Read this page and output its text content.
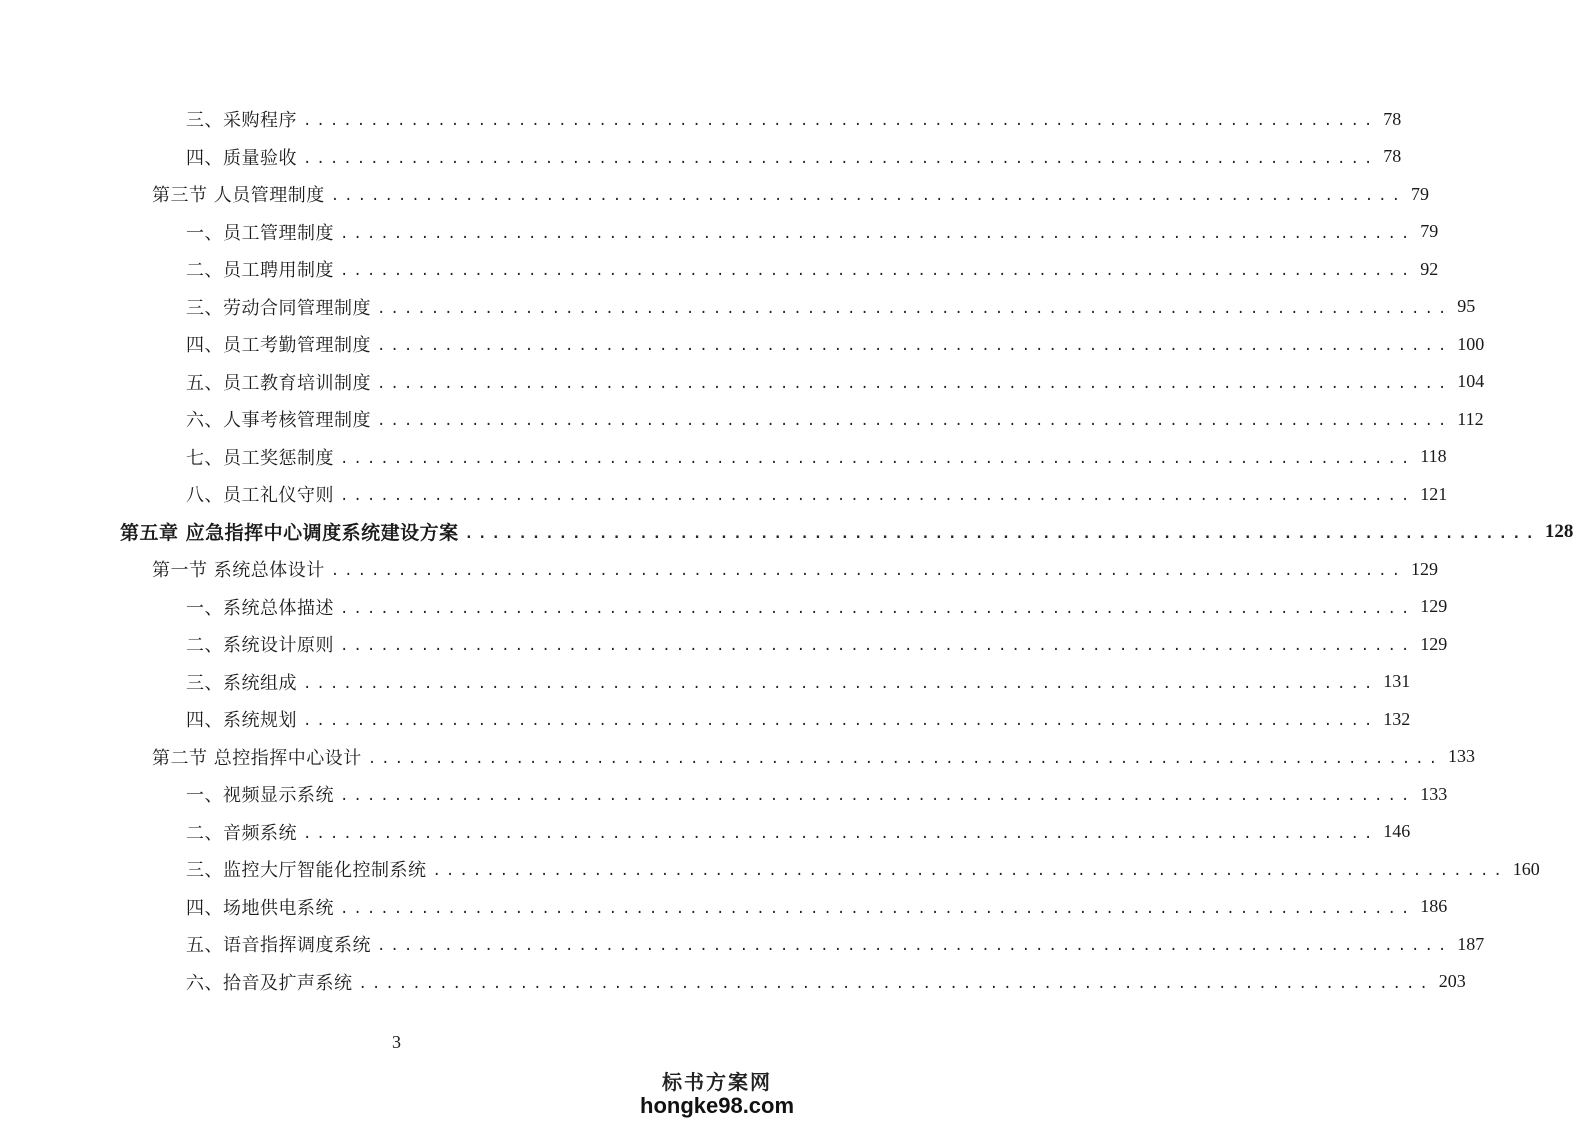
三、采购程序 ................................................................................ 78
四、质量验收 ................................................................................ 78
第三节 人员管理制度 ................................................................................ 79
一、员工管理制度 ................................................................................ 79
二、员工聘用制度 ................................................................................ 92
三、劳动合同管理制度 ................................................................................ 95
四、员工考勤管理制度 ................................................................................ 100
五、员工教育培训制度 ................................................................................ 104
六、人事考核管理制度 ................................................................................ 112
七、员工奖惩制度 ................................................................................ 118
八、员工礼仪守则 ................................................................................ 121
第五章 应急指挥中心调度系统建设方案 ................................................................................ 128
第一节 系统总体设计 ................................................................................ 129
一、系统总体描述 ................................................................................ 129
二、系统设计原则 ................................................................................ 129
三、系统组成 ................................................................................ 131
四、系统规划 ................................................................................ 132
第二节 总控指挥中心设计 ................................................................................ 133
一、视频显示系统 ................................................................................ 133
二、音频系统 ................................................................................ 146
三、监控大厅智能化控制系统 ................................................................................ 160
四、场地供电系统 ................................................................................ 186
五、语音指挥调度系统 ................................................................................ 187
六、拾音及扩声系统 ................................................................................ 203
3
标书方案网
hongke98.com
